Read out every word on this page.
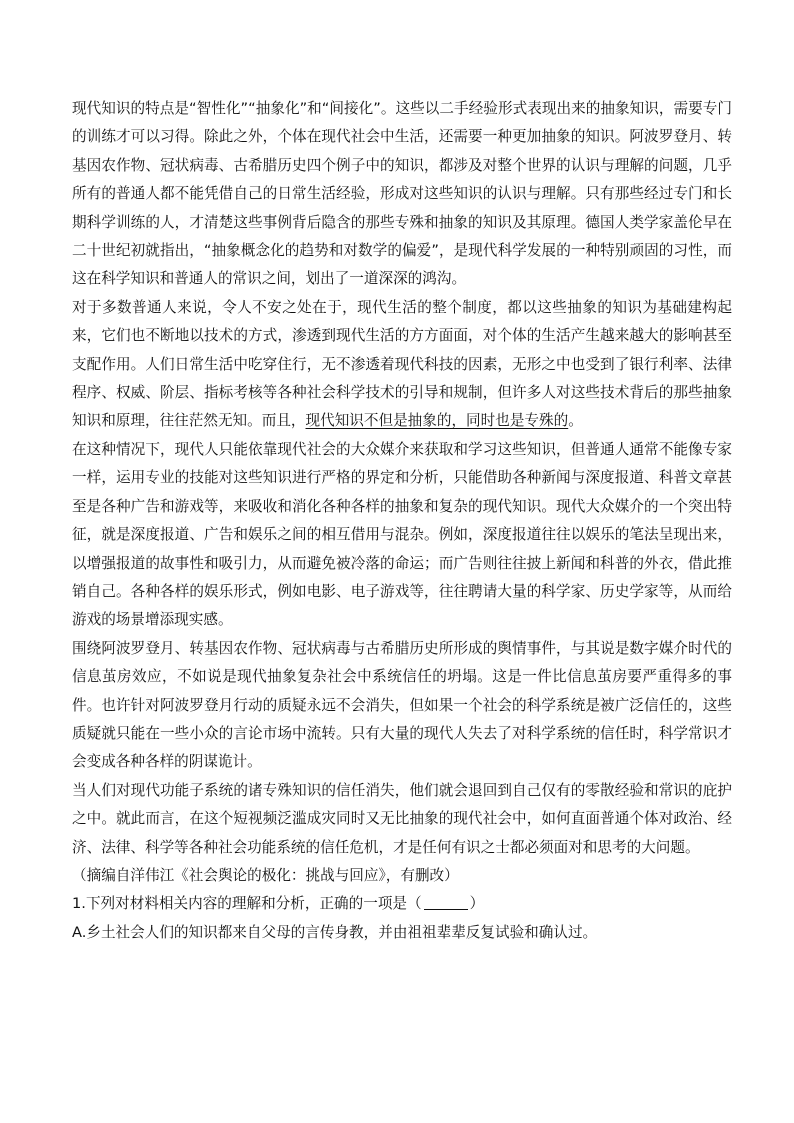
现代知识的特点是“智性化”“抽象化”和“间接化”。这些以二手经验形式表现出来的抽象知识，需要专门的训练才可以习得。除此之外，个体在现代社会中生活，还需要一种更加抽象的知识。阿波罗登月、转基因农作物、冠状病毒、古希腊历史四个例子中的知识，都涉及对整个世界的认识与理解的问题，几乎所有的普通人都不能凭借自己的日常生活经验，形成对这些知识的认识与理解。只有那些经过专门和长期科学训练的人，才清楚这些事例背后隐含的那些专殊和抽象的知识及其原理。德国人类学家盖伦早在二十世纪初就指出，“抽象概念化的趋势和对数学的偏爱”，是现代科学发展的一种特别顽固的习性，而这在科学知识和普通人的常识之间，划出了一道深深的鸿沟。

对于多数普通人来说，令人不安之处在于，现代生活的整个制度，都以这些抽象的知识为基础建构起来，它们也不断地以技术的方式，渗透到现代生活的方方面面，对个体的生活产生越来越大的影响甚至支配作用。人们日常生活中吃穿住行，无不渗透着现代科技的因素，无形之中也受到了银行利率、法律程序、权威、阶层、指标考核等各种社会科学技术的引导和规制，但许多人对这些技术背后的那些抽象知识和原理，往往茫然无知。而且，现代知识不但是抽象的，同时也是专殊的。

在这种情况下，现代人只能依靠现代社会的大众媒介来获取和学习这些知识，但普通人通常不能像专家一样，运用专业的技能对这些知识进行严格的界定和分析，只能借助各种新闻与深度报道、科普文章甚至是各种广告和游戏等，来吸收和消化各种各样的抽象和复杂的现代知识。现代大众媒介的一个突出特征，就是深度报道、广告和娱乐之间的相互借用与混杂。例如，深度报道往往以娱乐的笔法呈现出来，以增强报道的故事性和吸引力，从而避免被冷落的命运；而广告则往往披上新闻和科普的外衣，借此推销自己。各种各样的娱乐形式，例如电影、电子游戏等，往往聘请大量的科学家、历史学家等，从而给游戏的场景增添现实感。

围绕阿波罗登月、转基因农作物、冠状病毒与古希腊历史所形成的舆情事件，与其说是数字媒介时代的信息茧房效应，不如说是现代抽象复杂社会中系统信任的坍塌。这是一件比信息茧房要严重得多的事件。也许针对阿波罗登月行动的质疑永远不会消失，但如果一个社会的科学系统是被广泛信任的，这些质疑就只能在一些小众的言论市场中流转。只有大量的现代人失去了对科学系统的信任时，科学常识才会变成各种各样的阴谋诡计。

当人们对现代功能子系统的诸专殊知识的信任消失，他们就会退回到自己仅有的零散经验和常识的庇护之中。就此而言，在这个短视频泛滥成灾同时又无比抽象的现代社会中，如何直面普通个体对政治、经济、法律、科学等各种社会功能系统的信任危机，才是任何有识之士都必须面对和思考的大问题。

（摘编自洋伟江《社会舆论的极化：挑战与回应》，有删改）

1.下列对材料相关内容的理解和分析，正确的一项是（	）

A.乡土社会人们的知识都来自父母的言传身教，并由祖祖辈辈反复试验和确认过。
